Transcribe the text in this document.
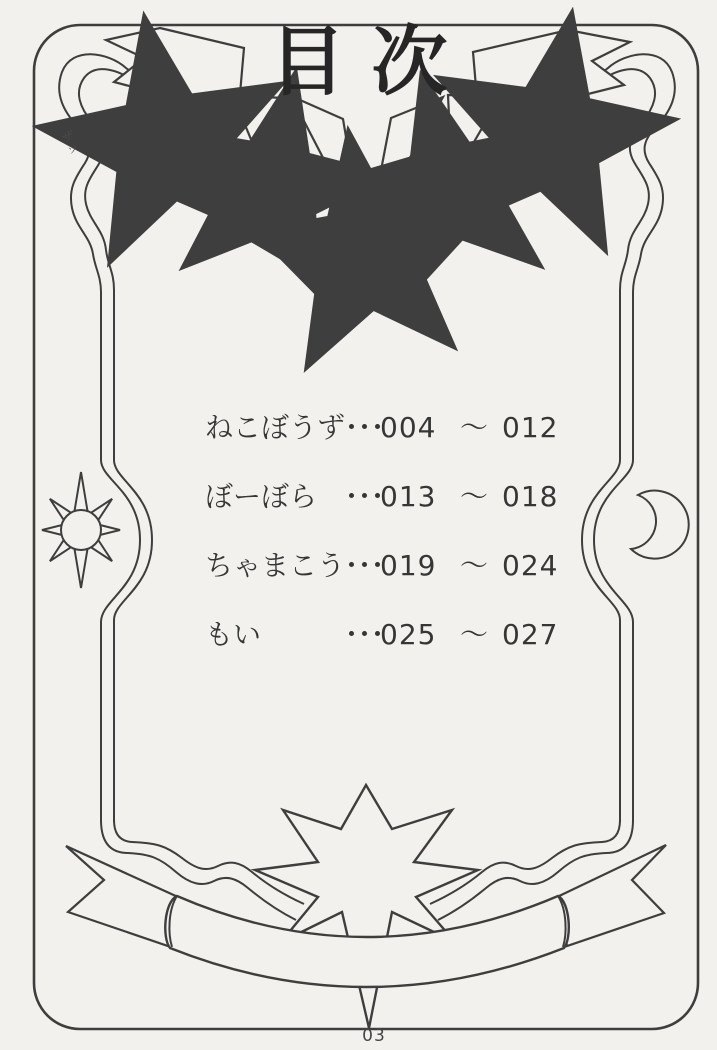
目次
ザッ
ねこぼうず
・・・ 004 ～ 012
ぼーぼら ・・・ 013 ～ 018
ちゃまこう
・・・ 019 ～ 024
もい	・・・ 025 ～ 027
03
